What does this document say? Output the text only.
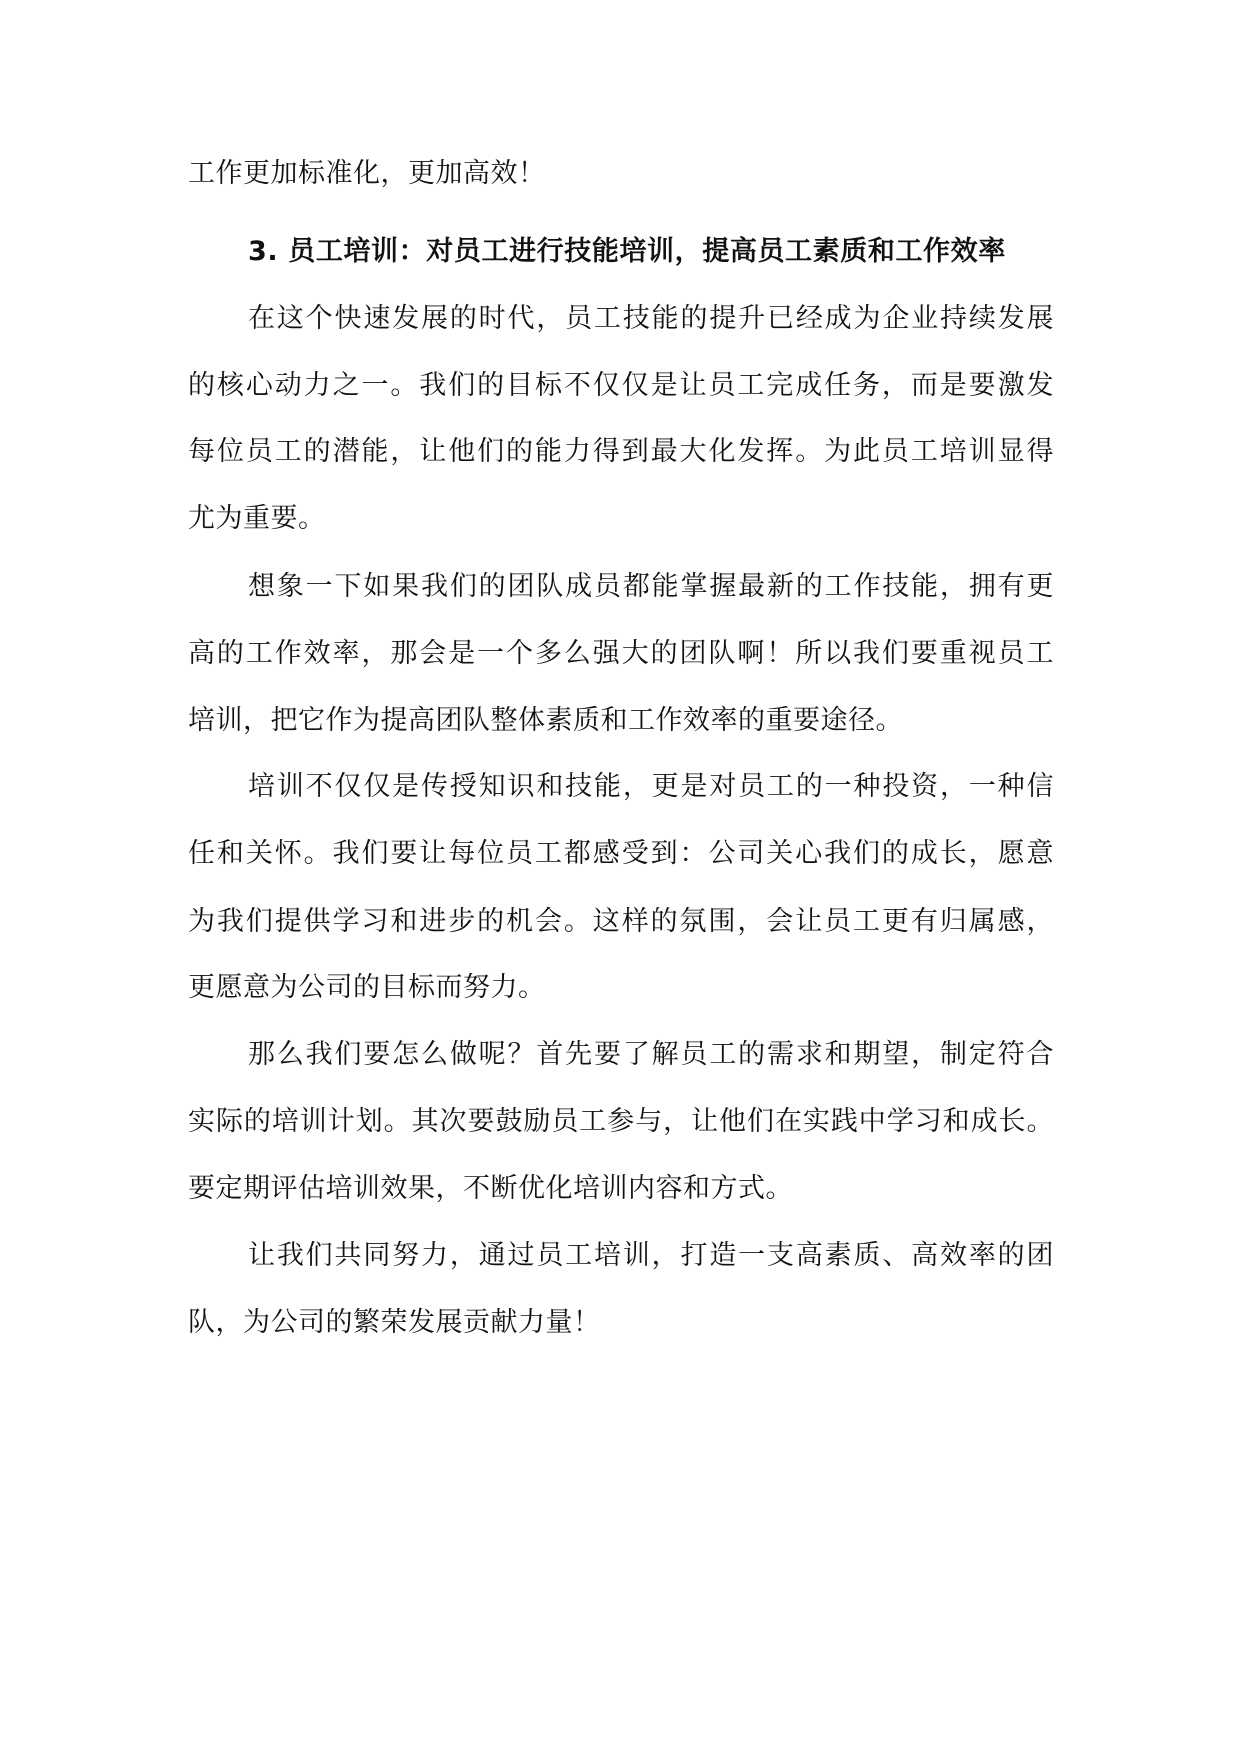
工作更加标准化，更加高效！
3. 员工培训：对员工进行技能培训，提高员工素质和工作效率
在这个快速发展的时代，员工技能的提升已经成为企业持续发展
的核心动力之一。我们的目标不仅仅是让员工完成任务，而是要激发
每位员工的潜能，让他们的能力得到最大化发挥。为此员工培训显得
尤为重要。
想象一下如果我们的团队成员都能掌握最新的工作技能，拥有更
高的工作效率，那会是一个多么强大的团队啊！所以我们要重视员工
培训，把它作为提高团队整体素质和工作效率的重要途径。
培训不仅仅是传授知识和技能，更是对员工的一种投资，一种信
任和关怀。我们要让每位员工都感受到：公司关心我们的成长，愿意
为我们提供学习和进步的机会。这样的氛围，会让员工更有归属感，
更愿意为公司的目标而努力。
那么我们要怎么做呢？首先要了解员工的需求和期望，制定符合
实际的培训计划。其次要鼓励员工参与，让他们在实践中学习和成长。
要定期评估培训效果，不断优化培训内容和方式。
让我们共同努力，通过员工培训，打造一支高素质、高效率的团
队，为公司的繁荣发展贡献力量！
